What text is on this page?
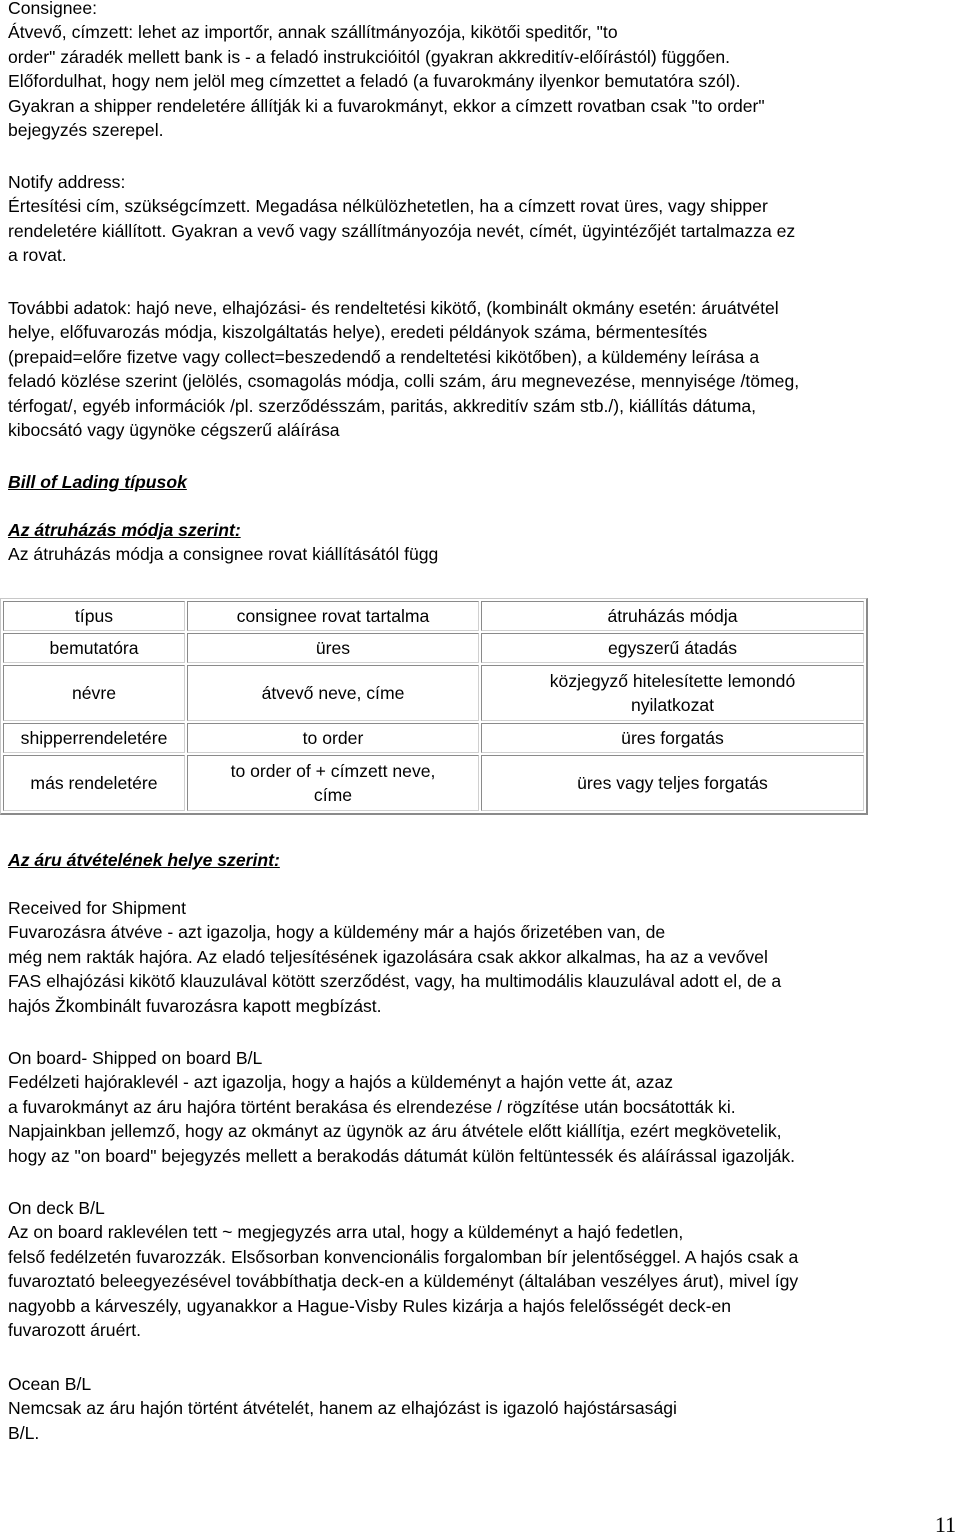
Consignee:
Átvevő, címzett: lehet az importőr, annak szállítmányozója, kikötői speditőr, "to
order" záradék mellett bank is - a feladó instrukcióitól (gyakran akkreditív-előírástól) függően.
Előfordulhat, hogy nem jelöl meg címzettet a feladó (a fuvarokmány ilyenkor bemutatóra szól).
Gyakran a shipper rendeletére állítják ki a fuvarokmányt, ekkor a címzett rovatban csak "to order"
bejegyzés szerepel.
Notify address:
Értesítési cím, szükségcímzett. Megadása nélkülözhetetlen, ha a címzett rovat üres, vagy shipper
rendeletére kiállított. Gyakran a vevő vagy szállítmányozója nevét, címét, ügyintézőjét tartalmazza ez
a rovat.
További adatok: hajó neve, elhajózási- és rendeltetési kikötő, (kombinált okmány esetén: áruátvétel
helye, előfuvarozás módja, kiszolgáltatás helye), eredeti példányok száma, bérmentesítés
(prepaid=előre fizetve vagy collect=beszedendő a rendeltetési kikötőben), a küldemény leírása a
feladó közlése szerint (jelölés, csomagolás módja, colli szám, áru megnevezése, mennyisége /tömeg,
térfogat/, egyéb információk /pl. szerződésszám, paritás, akkreditív szám stb./), kiállítás dátuma,
kibocsátó vagy ügynöke cégszerű aláírása
Bill of Lading típusok
Az átruházás módja szerint:
Az átruházás módja a consignee rovat kiállításától függ
típus	consignee rovat tartalma	átruházás módja
bemutatóra	üres	egyszerű átadás
névre	átvevő neve, címe	közjegyző hitelesítette lemondó nyilatkozat
shipperrendeletére	to order	üres forgatás
más rendeletére	to order of + címzett neve, címe	üres vagy teljes forgatás
Az áru átvételének helye szerint:
Received for Shipment
Fuvarozásra átvéve - azt igazolja, hogy a küldemény már a hajós őrizetében van, de
még nem rakták hajóra. Az eladó teljesítésének igazolására csak akkor alkalmas, ha az a vevővel
FAS elhajózási kikötő klauzulával kötött szerződést, vagy, ha multimodális klauzulával adott el, de a
hajós Žkombinált fuvarozásra kapott megbízást.
On board- Shipped on board B/L
Fedélzeti hajóraklevél - azt igazolja, hogy a hajós a küldeményt a hajón vette át, azaz
a fuvarokmányt az áru hajóra történt berakása és elrendezése / rögzítése után bocsátották ki.
Napjainkban jellemző, hogy az okmányt az ügynök az áru átvétele előtt kiállítja, ezért megkövetelik,
hogy az "on board" bejegyzés mellett a berakodás dátumát külön feltüntessék és aláírással igazolják.
On deck B/L
Az on board raklevélen tett ~ megjegyzés arra utal, hogy a küldeményt a hajó fedetlen,
felső fedélzetén fuvarozzák. Elsősorban konvencionális forgalomban bír jelentőséggel. A hajós csak a
fuvaroztató beleegyezésével továbbíthatja deck-en a küldeményt (általában veszélyes árut), mivel így
nagyobb a kárveszély, ugyanakkor a Hague-Visby Rules kizárja a hajós felelősségét deck-en
fuvarozott áruért.
Ocean B/L
Nemcsak az áru hajón történt átvételét, hanem az elhajózást is igazoló hajóstársasági
B/L.
11
